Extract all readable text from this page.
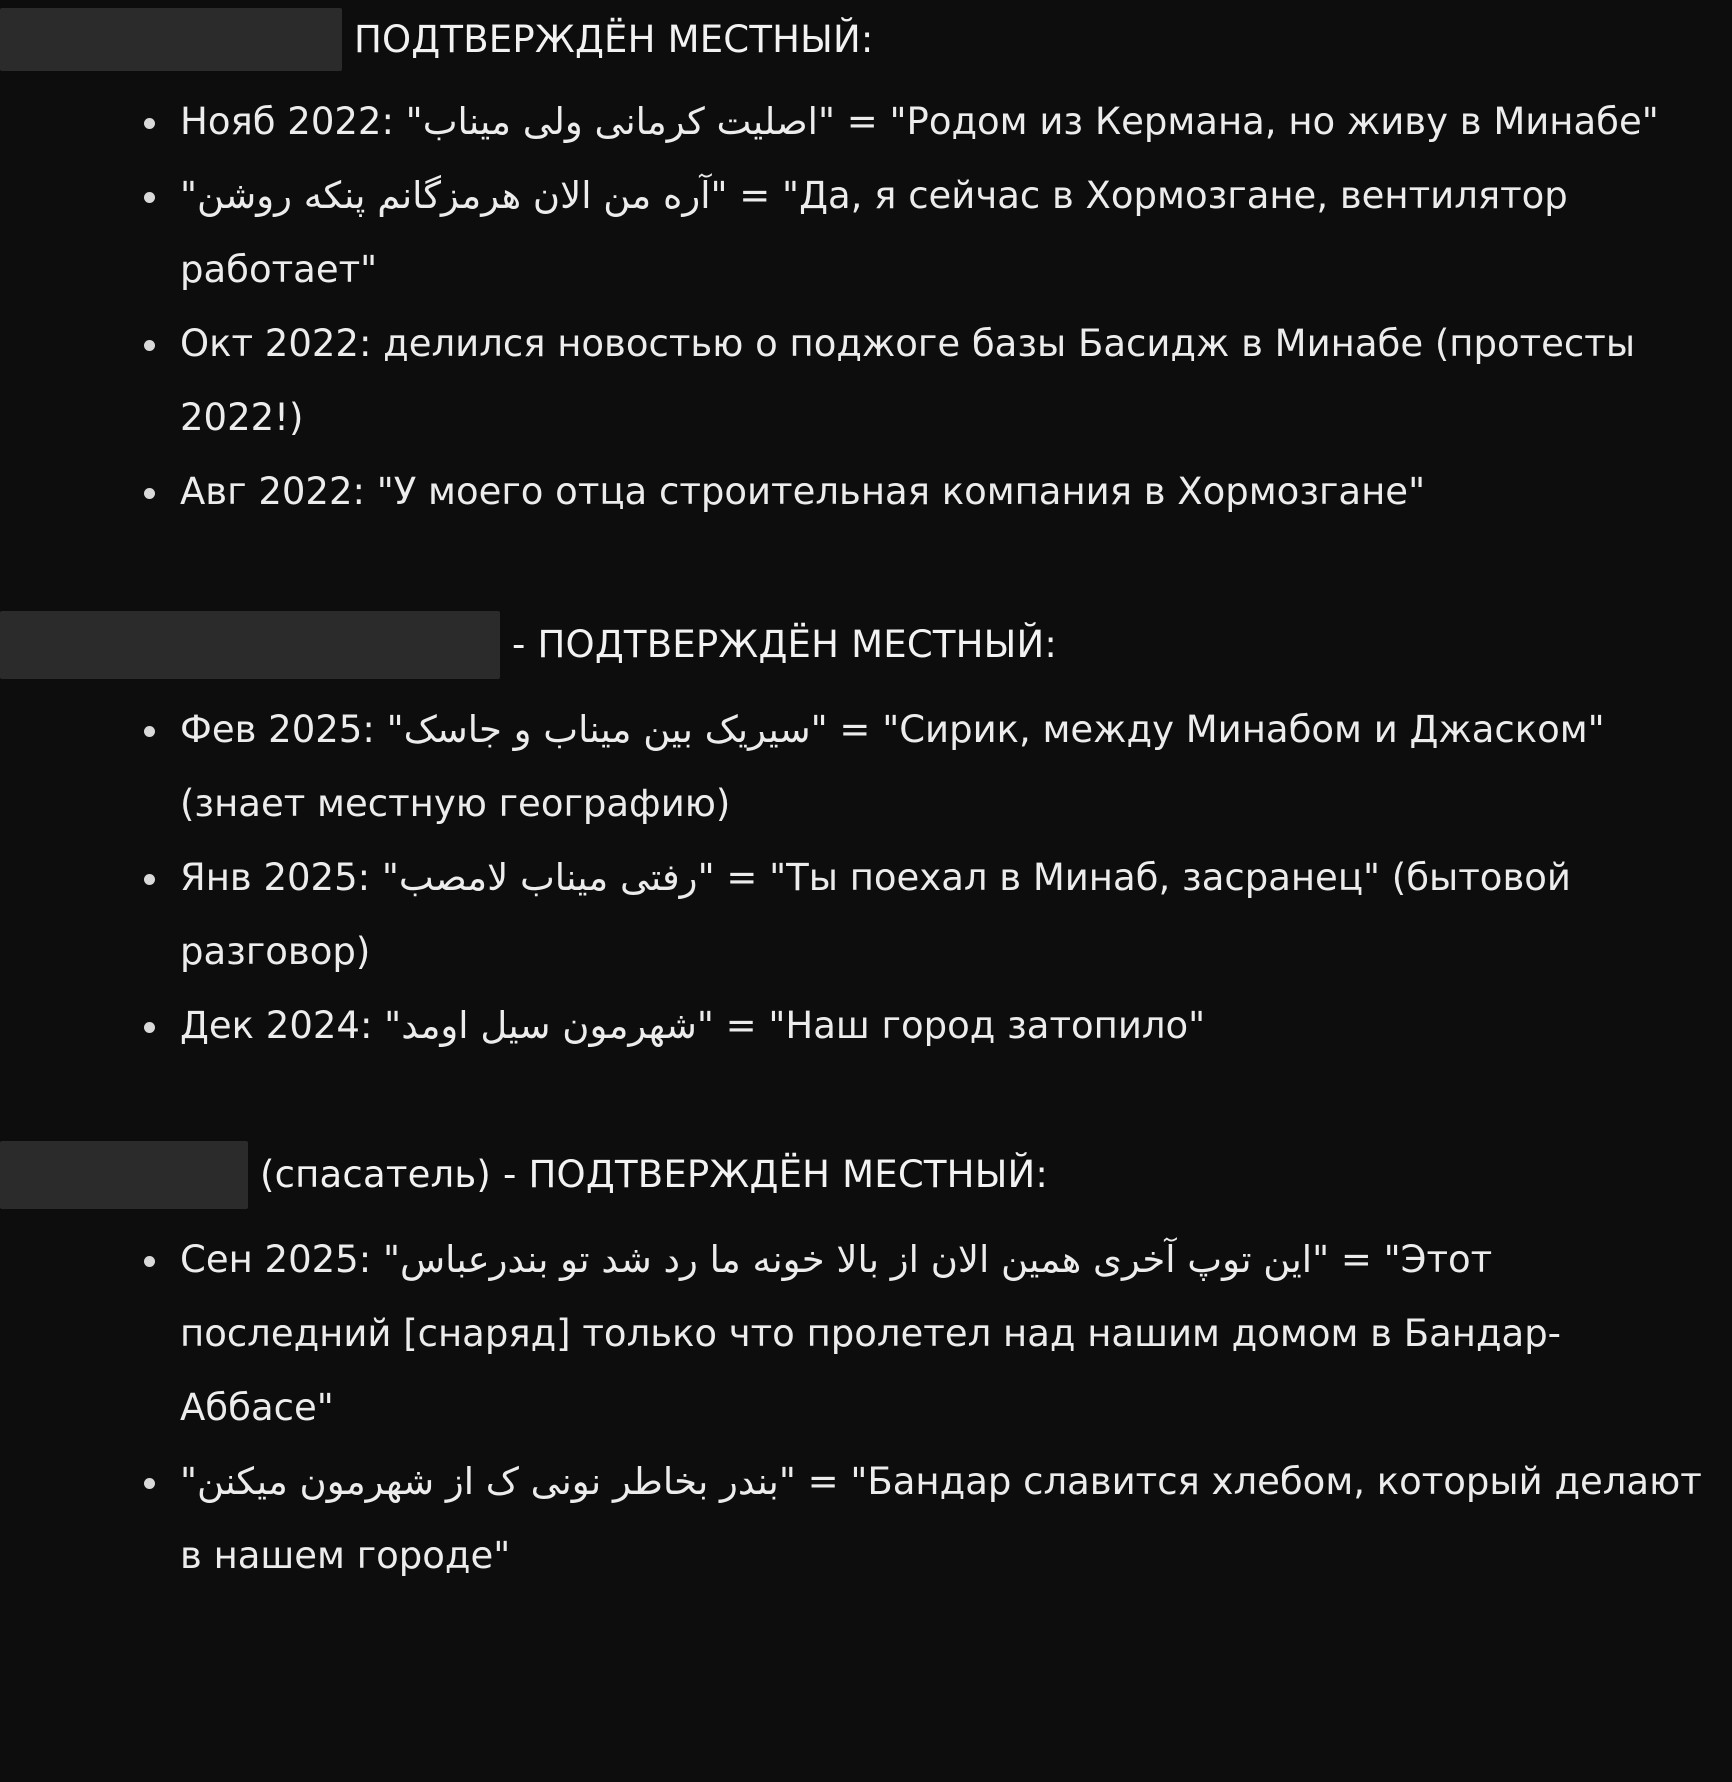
ПОДТВЕРЖДЁН МЕСТНЫЙ:
Нояб 2022: "اصلیت کرمانی ولی میناب" = "Родом из Кермана, но живу в Минабе"
"آره من الان هرمزگانم پنکه روشن" = "Да, я сейчас в Хормозгане, вентилятор работает"
Окт 2022: делился новостью о поджоге базы Басидж в Минабе (протесты 2022!)
Авг 2022: "У моего отца строительная компания в Хормозгане"
- ПОДТВЕРЖДЁН МЕСТНЫЙ:
Фев 2025: "سیریک بین میناب و جاسک" = "Сирик, между Минабом и Джаском" (знает местную географию)
Янв 2025: "رفتی میناب لامصب" = "Ты поехал в Минаб, засранец" (бытовой разговор)
Дек 2024: "شهرمون سیل اومد" = "Наш город затопило"
(спасатель) - ПОДТВЕРЖДЁН МЕСТНЫЙ:
Сен 2025: "این توپ آخری همین الان از بالا خونه ما رد شد تو بندرعباس" = "Этот последний [снаряд] только что пролетел над нашим домом в Бандар-Аббасе"
"بندر بخاطر نونی ک از شهرمون میکنن" = "Бандар славится хлебом, который делают в нашем городе"
